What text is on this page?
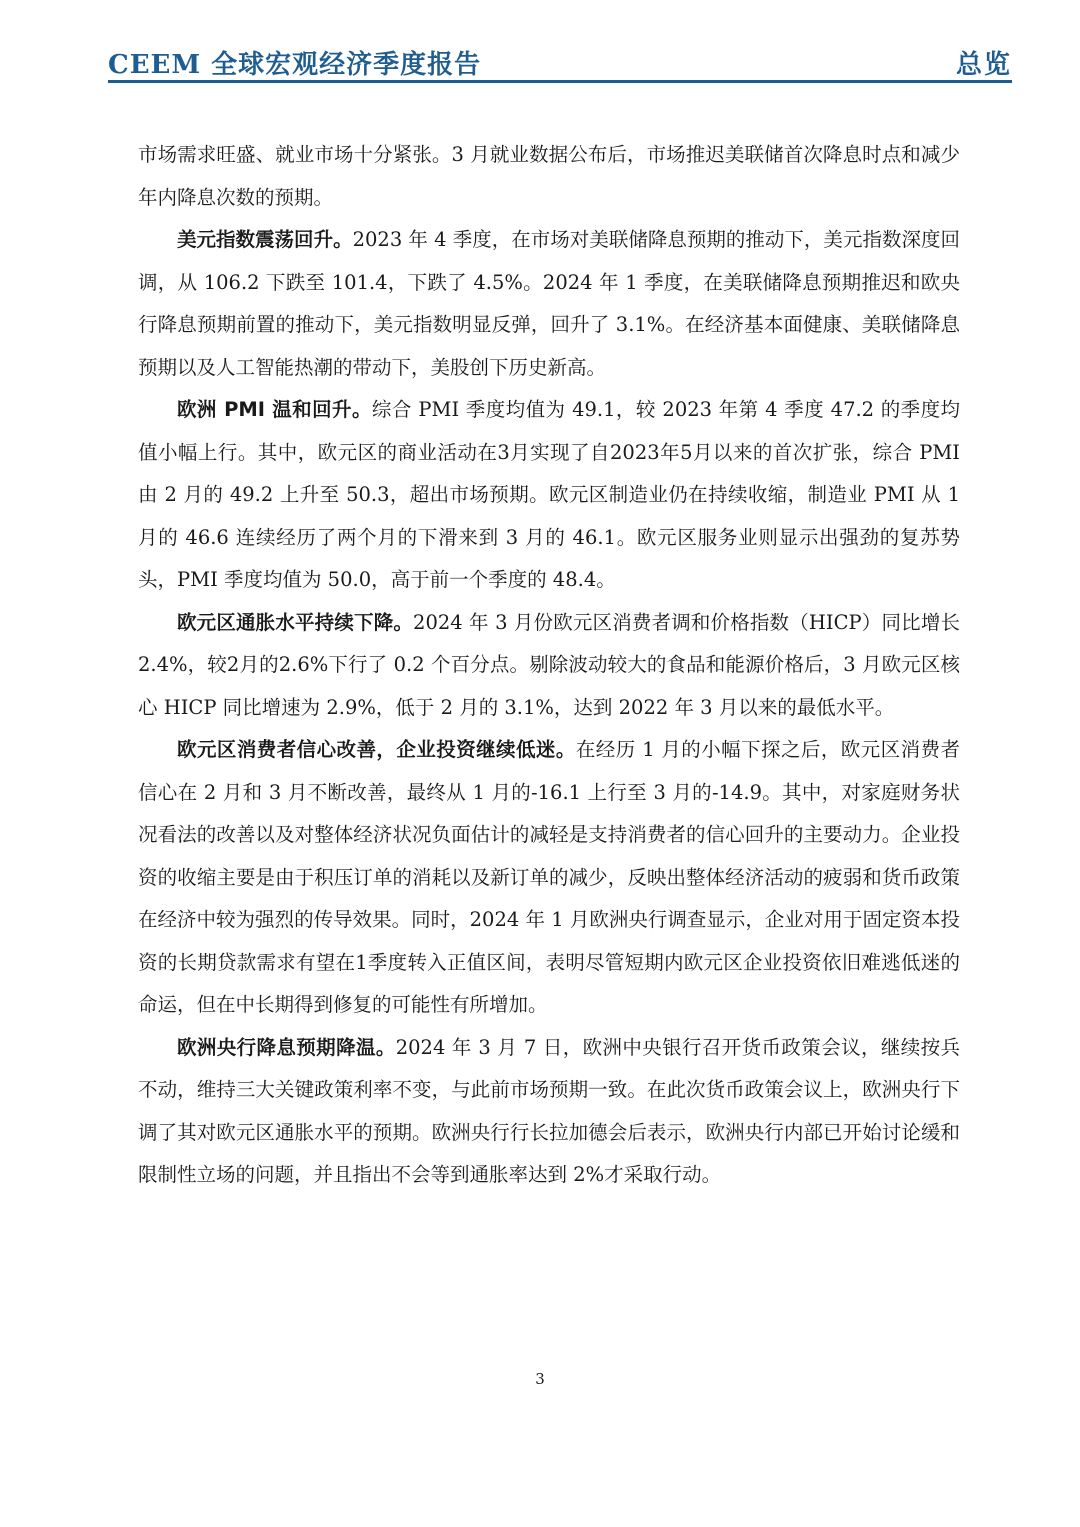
CEEM 全球宏观经济季度报告	总览

市场需求旺盛、就业市场十分紧张。3 月就业数据公布后，市场推迟美联储首次降息时点和减少年内降息次数的预期。

美元指数震荡回升。2023 年 4 季度，在市场对美联储降息预期的推动下，美元指数深度回调，从 106.2 下跌至 101.4，下跌了 4.5%。2024 年 1 季度，在美联储降息预期推迟和欧央行降息预期前置的推动下，美元指数明显反弹，回升了 3.1%。在经济基本面健康、美联储降息预期以及人工智能热潮的带动下，美股创下历史新高。

欧洲 PMI 温和回升。综合 PMI 季度均值为 49.1，较 2023 年第 4 季度 47.2 的季度均值小幅上行。其中，欧元区的商业活动在3月实现了自2023年5月以来的首次扩张，综合 PMI 由 2 月的 49.2 上升至 50.3，超出市场预期。欧元区制造业仍在持续收缩，制造业 PMI 从 1 月的 46.6 连续经历了两个月的下滑来到 3 月的 46.1。欧元区服务业则显示出强劲的复苏势头，PMI 季度均值为 50.0，高于前一个季度的 48.4。

欧元区通胀水平持续下降。2024 年 3 月份欧元区消费者调和价格指数（HICP）同比增长2.4%，较2月的2.6%下行了 0.2 个百分点。剔除波动较大的食品和能源价格后，3 月欧元区核心 HICP 同比增速为 2.9%，低于 2 月的 3.1%，达到 2022 年 3 月以来的最低水平。

欧元区消费者信心改善，企业投资继续低迷。在经历 1 月的小幅下探之后，欧元区消费者信心在 2 月和 3 月不断改善，最终从 1 月的-16.1 上行至 3 月的-14.9。其中，对家庭财务状况看法的改善以及对整体经济状况负面估计的减轻是支持消费者的信心回升的主要动力。企业投资的收缩主要是由于积压订单的消耗以及新订单的减少，反映出整体经济活动的疲弱和货币政策在经济中较为强烈的传导效果。同时，2024 年 1 月欧洲央行调查显示，企业对用于固定资本投资的长期贷款需求有望在1季度转入正值区间，表明尽管短期内欧元区企业投资依旧难逃低迷的命运，但在中长期得到修复的可能性有所增加。

欧洲央行降息预期降温。2024 年 3 月 7 日，欧洲中央银行召开货币政策会议，继续按兵不动，维持三大关键政策利率不变，与此前市场预期一致。在此次货币政策会议上，欧洲央行下调了其对欧元区通胀水平的预期。欧洲央行行长拉加德会后表示，欧洲央行内部已开始讨论缓和限制性立场的问题，并且指出不会等到通胀率达到 2%才采取行动。

3
